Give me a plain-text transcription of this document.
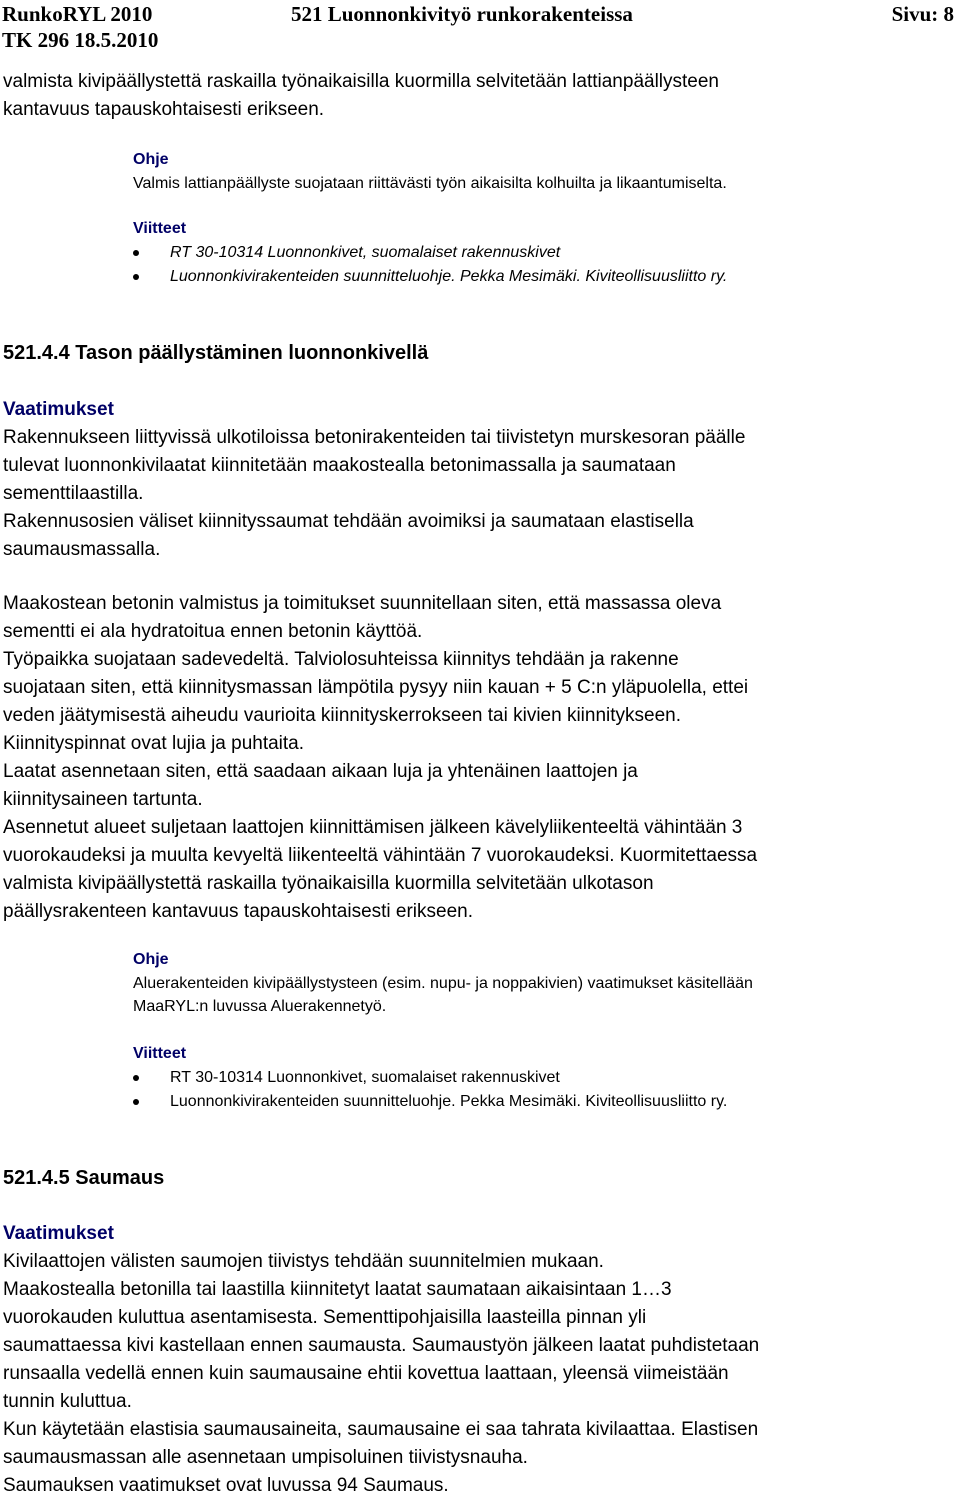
RunkoRYL 2010	521 Luonnonkivityö runkorakenteissa	Sivu: 8
TK 296 18.5.2010

valmista kivipäällystettä raskailla työnaikaisilla kuormilla selvitetään lattianpäällysteen

kantavuus tapauskohtaisesti erikseen.

Ohje
Valmis lattianpäällyste suojataan riittävästi työn aikaisilta kolhuilta ja likaantumiselta.
Viitteet
RT 30-10314 Luonnonkivet, suomalaiset rakennuskivet
Luonnonkivirakenteiden suunnitteluohje. Pekka Mesimäki. Kiviteollisuusliitto ry.
521.4.4 Tason päällystäminen luonnonkivellä
Vaatimukset

Rakennukseen liittyvissä ulkotiloissa betonirakenteiden tai tiivistetyn murskesoran päälle

tulevat luonnonkivilaatat kiinnitetään maakostealla betonimassalla ja saumataan

sementtilaastilla.

Rakennusosien väliset kiinnityssaumat tehdään avoimiksi ja saumataan elastisella

saumausmassalla.

Maakostean betonin valmistus ja toimitukset suunnitellaan siten, että massassa oleva

sementti ei ala hydratoitua ennen betonin käyttöä.

Työpaikka suojataan sadevedeltä. Talviolosuhteissa kiinnitys tehdään ja rakenne

suojataan siten, että kiinnitysmassan lämpötila pysyy niin kauan + 5 C:n yläpuolella, ettei

veden jäätymisestä aiheudu vaurioita kiinnityskerrokseen tai kivien kiinnitykseen.

Kiinnityspinnat ovat lujia ja puhtaita.

Laatat asennetaan siten, että saadaan aikaan luja ja yhtenäinen laattojen ja

kiinnitysaineen tartunta.

Asennetut alueet suljetaan laattojen kiinnittämisen jälkeen kävelyliikenteeltä vähintään 3

vuorokaudeksi ja muulta kevyeltä liikenteeltä vähintään 7 vuorokaudeksi. Kuormitettaessa

valmista kivipäällystettä raskailla työnaikaisilla kuormilla selvitetään ulkotason

päällysrakenteen kantavuus tapauskohtaisesti erikseen.

Ohje
Aluerakenteiden kivipäällystysteen (esim. nupu- ja noppakivien) vaatimukset käsitellään
MaaRYL:n luvussa Aluerakennetyö.
Viitteet
RT 30-10314 Luonnonkivet, suomalaiset rakennuskivet
Luonnonkivirakenteiden suunnitteluohje. Pekka Mesimäki. Kiviteollisuusliitto ry.
521.4.5 Saumaus
Vaatimukset

Kivilaattojen välisten saumojen tiivistys tehdään suunnitelmien mukaan.

Maakostealla betonilla tai laastilla kiinnitetyt laatat saumataan aikaisintaan 1…3

vuorokauden kuluttua asentamisesta. Sementtipohjaisilla laasteilla pinnan yli

saumattaessa kivi kastellaan ennen saumausta. Saumaustyön jälkeen laatat puhdistetaan

runsaalla vedellä ennen kuin saumausaine ehtii kovettua laattaan, yleensä viimeistään

tunnin kuluttua.

Kun käytetään elastisia saumausaineita, saumausaine ei saa tahrata kivilaattaa. Elastisen

saumausmassan alle asennetaan umpisoluinen tiivistysnauha.

Saumauksen vaatimukset ovat luvussa 94 Saumaus.
